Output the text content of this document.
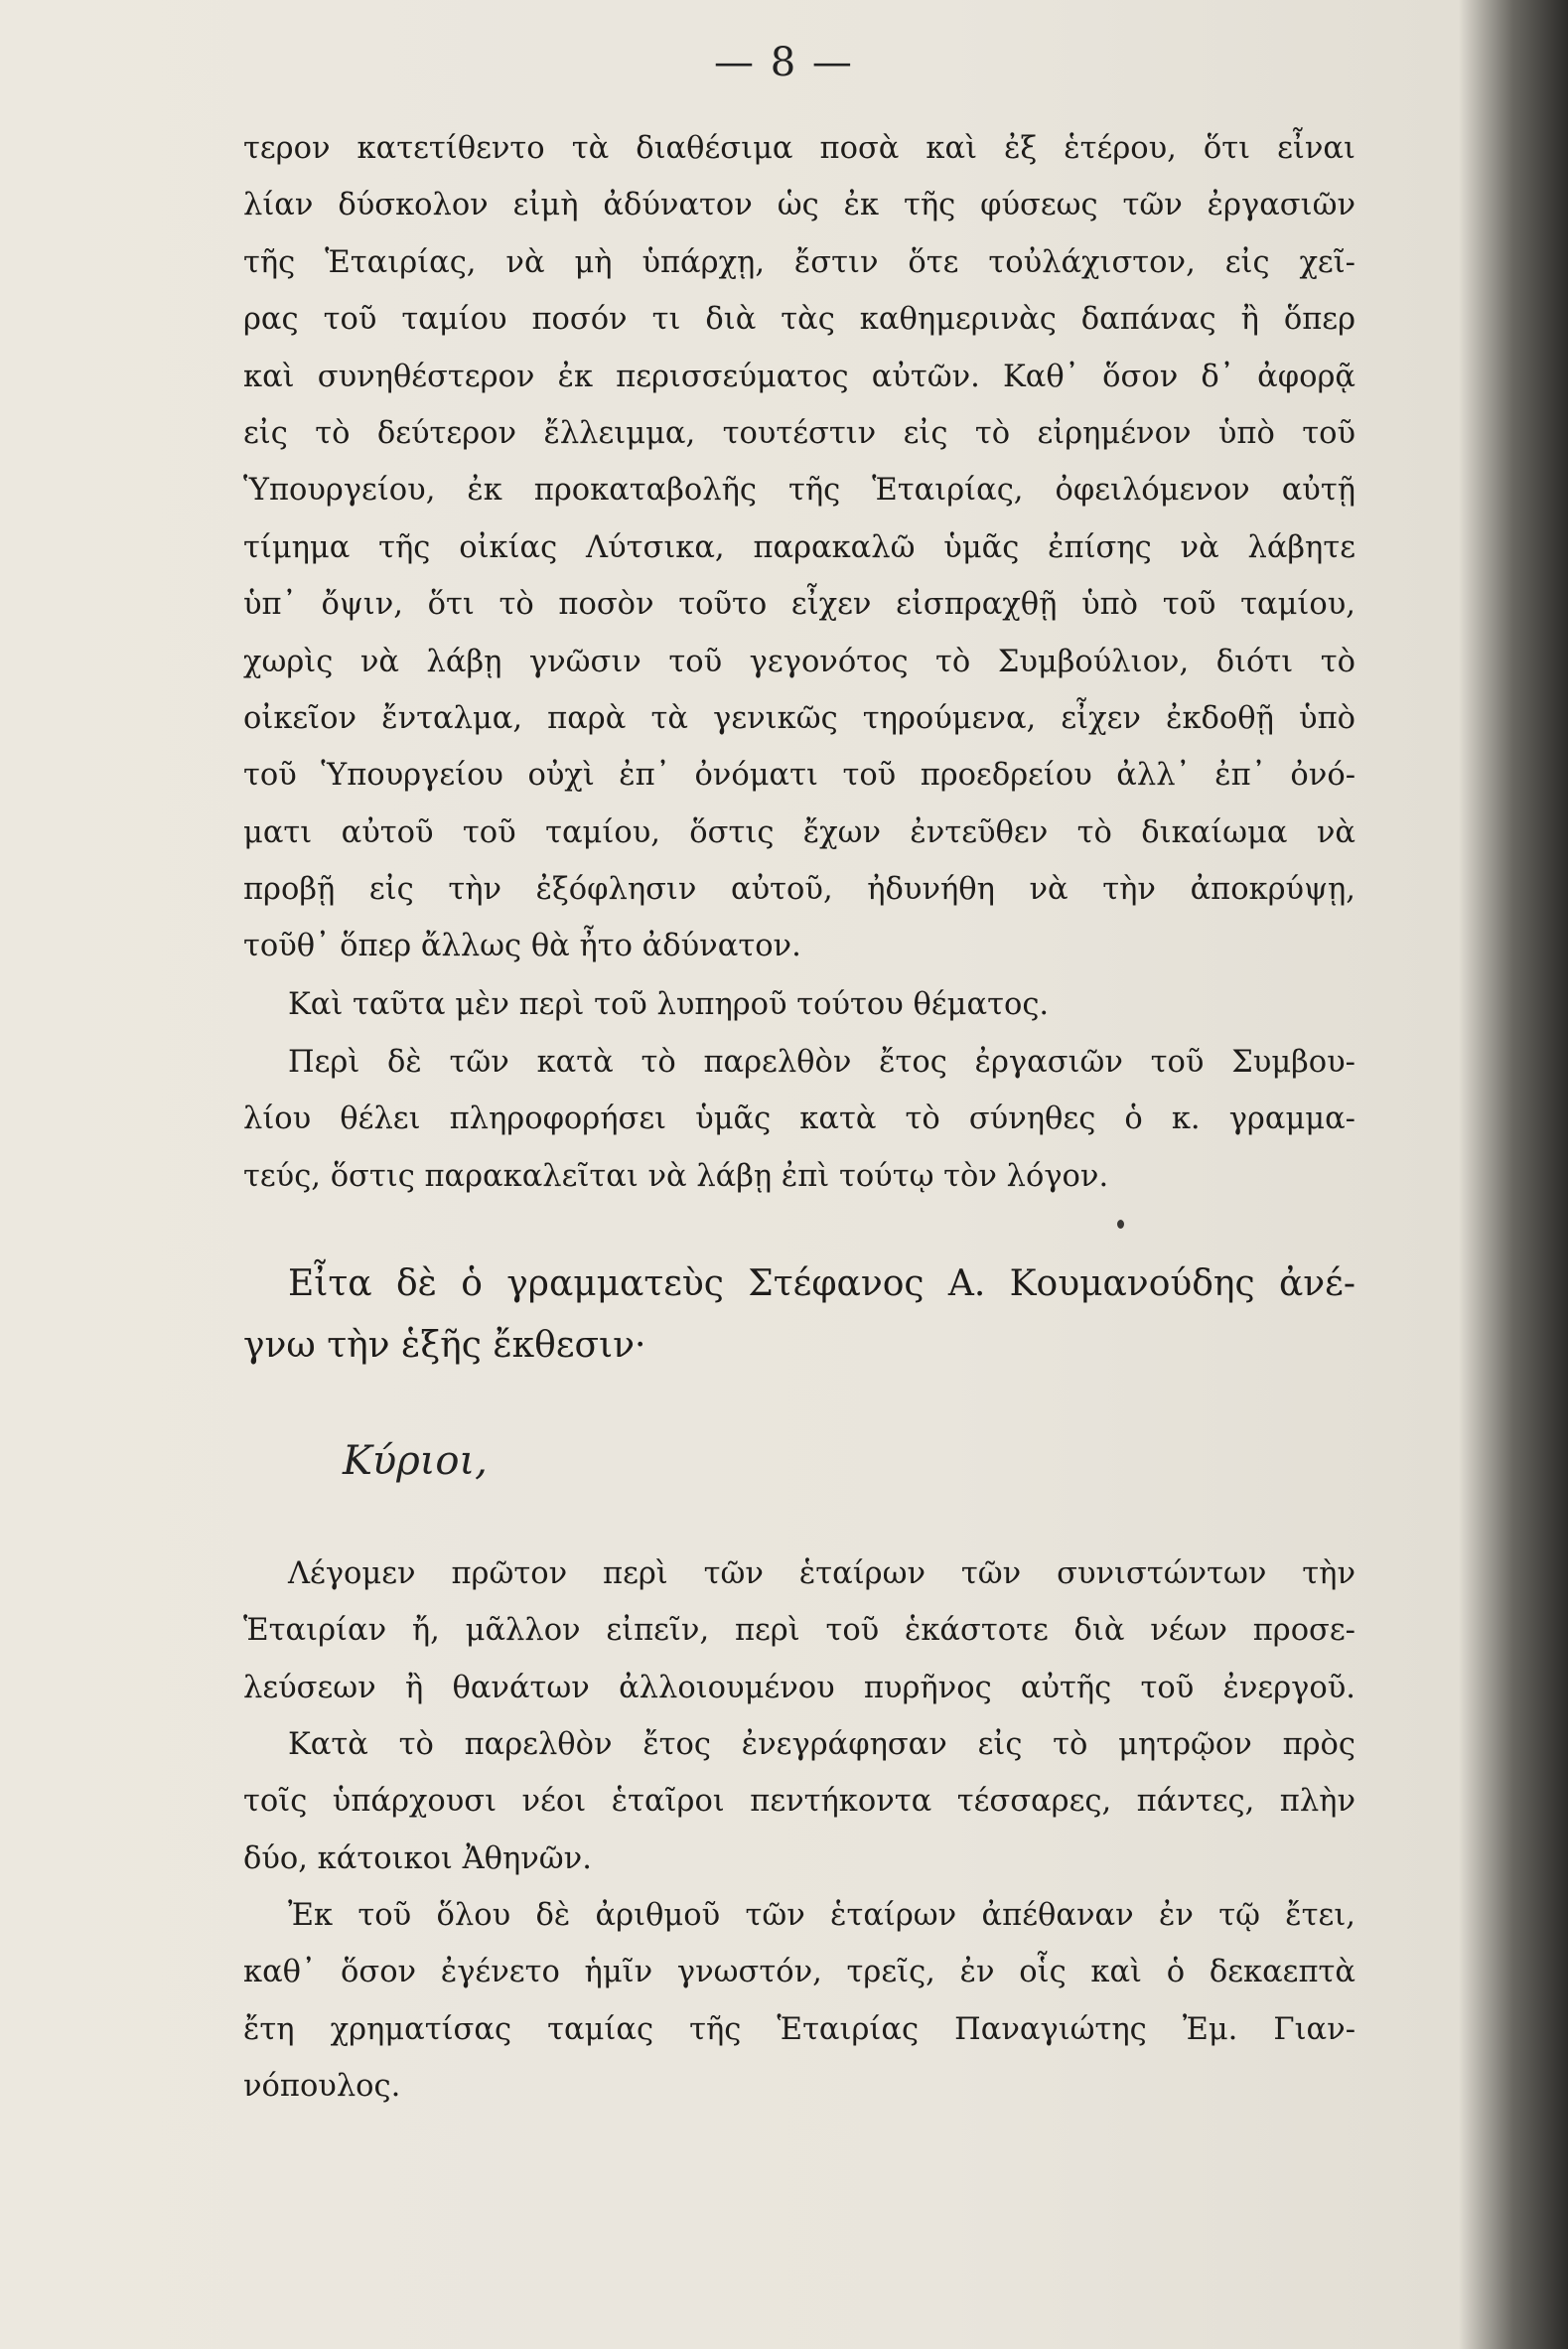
— 8 —
τερον κατετίθεντο τὰ διαθέσιμα ποσὰ καὶ ἐξ ἑτέρου, ὅτι εἶναι
λίαν δύσκολον εἰμὴ ἀδύνατον ὡς ἐκ τῆς φύσεως τῶν ἐργασιῶν
τῆς Ἑταιρίας, νὰ μὴ ὑπάρχῃ, ἔστιν ὅτε τοὐλάχιστον, εἰς χεῖ-
ρας τοῦ ταμίου ποσόν τι διὰ τὰς καθημερινὰς δαπάνας ἢ ὅπερ
καὶ συνηθέστερον ἐκ περισσεύματος αὐτῶν. Καθ᾽ ὅσον δ᾽ ἀφορᾷ
εἰς τὸ δεύτερον ἔλλειμμα, τουτέστιν εἰς τὸ εἰρημένον ὑπὸ τοῦ
Ὑπουργείου, ἐκ προκαταβολῆς τῆς Ἑταιρίας, ὀφειλόμενον αὐτῇ
τίμημα τῆς οἰκίας Λύτσικα, παρακαλῶ ὑμᾶς ἐπίσης νὰ λάβητε
ὑπ᾽ ὄψιν, ὅτι τὸ ποσὸν τοῦτο εἶχεν εἰσπραχθῇ ὑπὸ τοῦ ταμίου,
χωρὶς νὰ λάβῃ γνῶσιν τοῦ γεγονότος τὸ Συμβούλιον, διότι τὸ
οἰκεῖον ἔνταλμα, παρὰ τὰ γενικῶς τηρούμενα, εἶχεν ἐκδοθῇ ὑπὸ
τοῦ Ὑπουργείου οὐχὶ ἐπ᾽ ὀνόματι τοῦ προεδρείου ἀλλ᾽ ἐπ᾽ ὀνό-
ματι αὐτοῦ τοῦ ταμίου, ὅστις ἔχων ἐντεῦθεν τὸ δικαίωμα νὰ
προβῇ εἰς τὴν ἐξόφλησιν αὐτοῦ, ἠδυνήθη νὰ τὴν ἀποκρύψῃ,
τοῦθ᾽ ὅπερ ἄλλως θὰ ἦτο ἀδύνατον.
Καὶ ταῦτα μὲν περὶ τοῦ λυπηροῦ τούτου θέματος.
Περὶ δὲ τῶν κατὰ τὸ παρελθὸν ἔτος ἐργασιῶν τοῦ Συμβου-
λίου θέλει πληροφορήσει ὑμᾶς κατὰ τὸ σύνηθες ὁ κ. γραμμα-
τεύς, ὅστις παρακαλεῖται νὰ λάβῃ ἐπὶ τούτῳ τὸν λόγον.
Εἶτα δὲ ὁ γραμματεὺς Στέφανος Α. Κουμανούδης ἀνέ-
γνω τὴν ἑξῆς ἔκθεσιν·
Κύριοι,
Λέγομεν πρῶτον περὶ τῶν ἑταίρων τῶν συνιστώντων τὴν
Ἑταιρίαν ἤ, μᾶλλον εἰπεῖν, περὶ τοῦ ἑκάστοτε διὰ νέων προσε-
λεύσεων ἢ θανάτων ἀλλοιουμένου πυρῆνος αὐτῆς τοῦ ἐνεργοῦ.
Κατὰ τὸ παρελθὸν ἔτος ἐνεγράφησαν εἰς τὸ μητρῷον πρὸς
τοῖς ὑπάρχουσι νέοι ἑταῖροι πεντήκοντα τέσσαρες, πάντες, πλὴν
δύο, κάτοικοι Ἀθηνῶν.
Ἐκ τοῦ ὅλου δὲ ἀριθμοῦ τῶν ἑταίρων ἀπέθαναν ἐν τῷ ἔτει,
καθ᾽ ὅσον ἐγένετο ἡμῖν γνωστόν, τρεῖς, ἐν οἷς καὶ ὁ δεκαεπτὰ
ἔτη χρηματίσας ταμίας τῆς Ἑταιρίας Παναγιώτης Ἐμ. Γιαν-
νόπουλος.
